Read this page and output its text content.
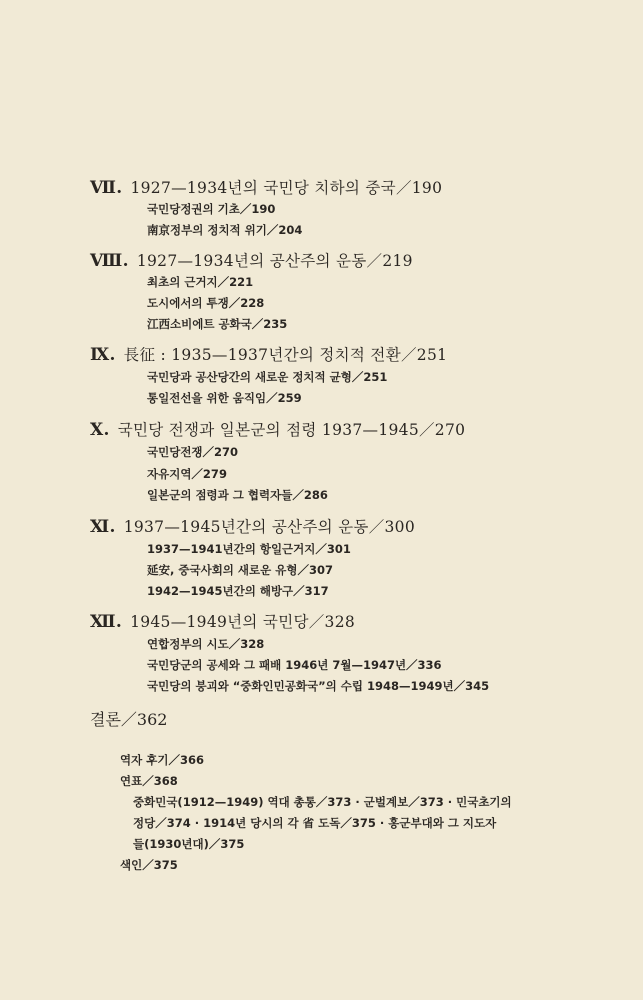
Ⅶ. 1927—1934년의 국민당 치하의 중국／190
국민당정권의 기초／190
南京정부의 정치적 위기／204
Ⅷ. 1927—1934년의 공산주의 운동／219
최초의 근거지／221
도시에서의 투쟁／228
江西소비에트 공화국／235
Ⅸ. 長征 : 1935—1937년간의 정치적 전환／251
국민당과 공산당간의 새로운 정치적 균형／251
통일전선을 위한 움직임／259
Ⅹ. 국민당 전쟁과 일본군의 점령 1937—1945／270
국민당전쟁／270
자유지역／279
일본군의 점령과 그 협력자들／286
Ⅺ. 1937—1945년간의 공산주의 운동／300
1937—1941년간의 항일근거지／301
延安, 중국사회의 새로운 유형／307
1942—1945년간의 해방구／317
Ⅻ. 1945—1949년의 국민당／328
연합정부의 시도／328
국민당군의 공세와 그 패배 1946년 7월—1947년／336
국민당의 붕괴와 “중화인민공화국”의 수립 1948—1949년／345
결론／362
역자 후기／366
연표／368
중화민국(1912—1949) 역대 총통／373 · 군벌계보／373 · 민국초기의
정당／374 · 1914년 당시의 각 省 도독／375 · 홍군부대와 그 지도자
들(1930년대)／375
색인／375
